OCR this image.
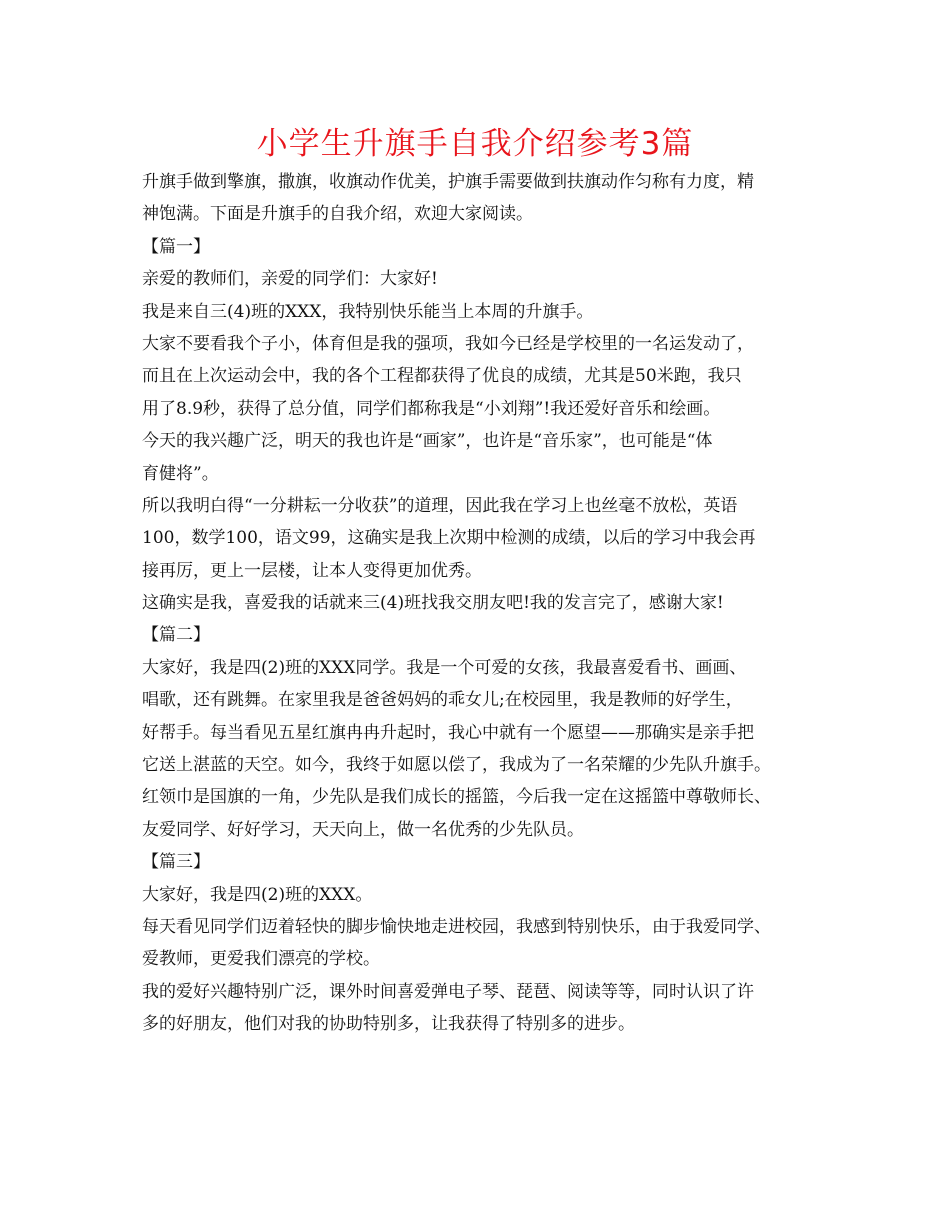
小学生升旗手自我介绍参考3篇

升旗手做到擎旗，撒旗，收旗动作优美，护旗手需要做到扶旗动作匀称有力度，精

神饱满。下面是升旗手的自我介绍，欢迎大家阅读。

【篇一】

亲爱的教师们，亲爱的同学们：大家好!

我是来自三(4)班的XXX，我特别快乐能当上本周的升旗手。

大家不要看我个子小，体育但是我的强项，我如今已经是学校里的一名运发动了，

而且在上次运动会中，我的各个工程都获得了优良的成绩，尤其是50米跑，我只

用了8.9秒，获得了总分值，同学们都称我是“小刘翔”!我还爱好音乐和绘画。

今天的我兴趣广泛，明天的我也许是“画家”，也许是“音乐家”，也可能是“体

育健将”。

所以我明白得“一分耕耘一分收获”的道理，因此我在学习上也丝毫不放松，英语

100，数学100，语文99，这确实是我上次期中检测的成绩，以后的学习中我会再

接再厉，更上一层楼，让本人变得更加优秀。

这确实是我，喜爱我的话就来三(4)班找我交朋友吧!我的发言完了，感谢大家!

【篇二】

大家好，我是四(2)班的XXX同学。我是一个可爱的女孩，我最喜爱看书、画画、

唱歌，还有跳舞。在家里我是爸爸妈妈的乖女儿;在校园里，我是教师的好学生，

好帮手。每当看见五星红旗冉冉升起时，我心中就有一个愿望——那确实是亲手把

它送上湛蓝的天空。如今，我终于如愿以偿了，我成为了一名荣耀的少先队升旗手。

红领巾是国旗的一角，少先队是我们成长的摇篮，今后我一定在这摇篮中尊敬师长、

友爱同学、好好学习，天天向上，做一名优秀的少先队员。

【篇三】

大家好，我是四(2)班的XXX。

每天看见同学们迈着轻快的脚步愉快地走进校园，我感到特别快乐，由于我爱同学、

爱教师，更爱我们漂亮的学校。

我的爱好兴趣特别广泛，课外时间喜爱弹电子琴、琵琶、阅读等等，同时认识了许

多的好朋友，他们对我的协助特别多，让我获得了特别多的进步。
